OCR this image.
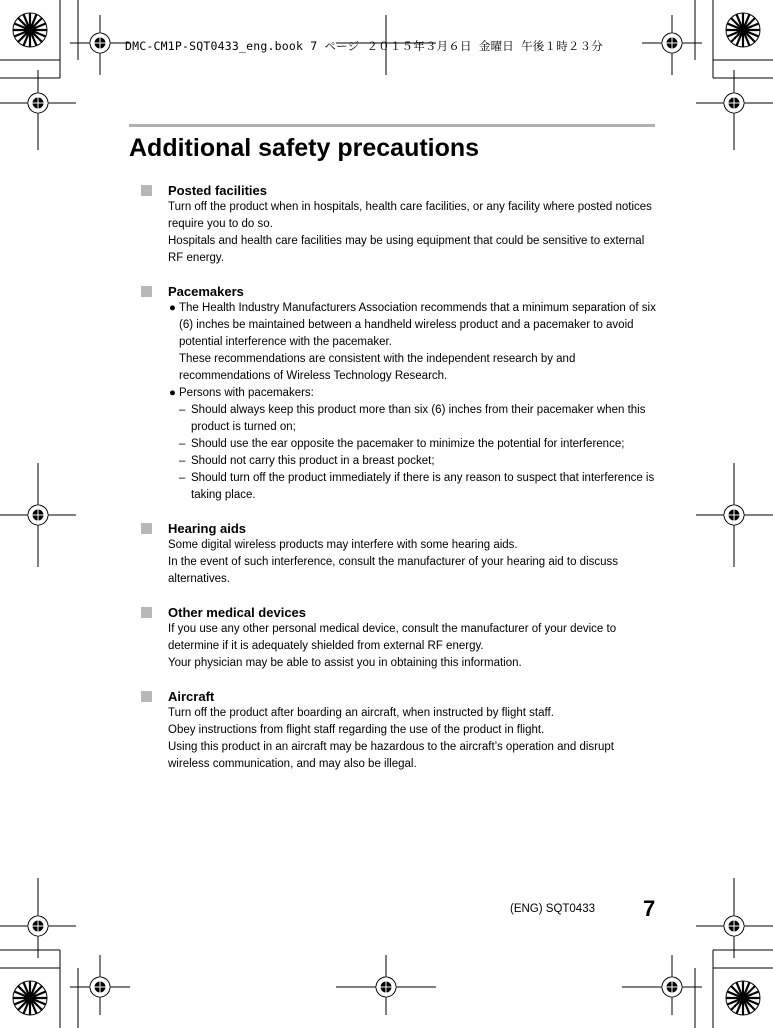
DMC-CM1P-SQT0433_eng.book 7 ページ ２０１５年３月６日 金曜日 午後１時２３分
Additional safety precautions
Posted facilities

Turn off the product when in hospitals, health care facilities, or any facility where posted notices require you to do so.

Hospitals and health care facilities may be using equipment that could be sensitive to external RF energy.

Pacemakers
● The Health Industry Manufacturers Association recommends that a minimum separation of six (6) inches be maintained between a handheld wireless product and a pacemaker to avoid potential interference with the pacemaker.

These recommendations are consistent with the independent research by and recommendations of Wireless Technology Research.

● Persons with pacemakers:

– Should always keep this product more than six (6) inches from their pacemaker when this product is turned on;

– Should use the ear opposite the pacemaker to minimize the potential for interference;

– Should not carry this product in a breast pocket;

– Should turn off the product immediately if there is any reason to suspect that interference is taking place.

Hearing aids

Some digital wireless products may interfere with some hearing aids.

In the event of such interference, consult the manufacturer of your hearing aid to discuss alternatives.

Other medical devices

If you use any other personal medical device, consult the manufacturer of your device to determine if it is adequately shielded from external RF energy.

Your physician may be able to assist you in obtaining this information.

Aircraft

Turn off the product after boarding an aircraft, when instructed by flight staff.

Obey instructions from flight staff regarding the use of the product in flight.

Using this product in an aircraft may be hazardous to the aircraft’s operation and disrupt wireless communication, and may also be illegal.

(ENG) SQT0433 7
